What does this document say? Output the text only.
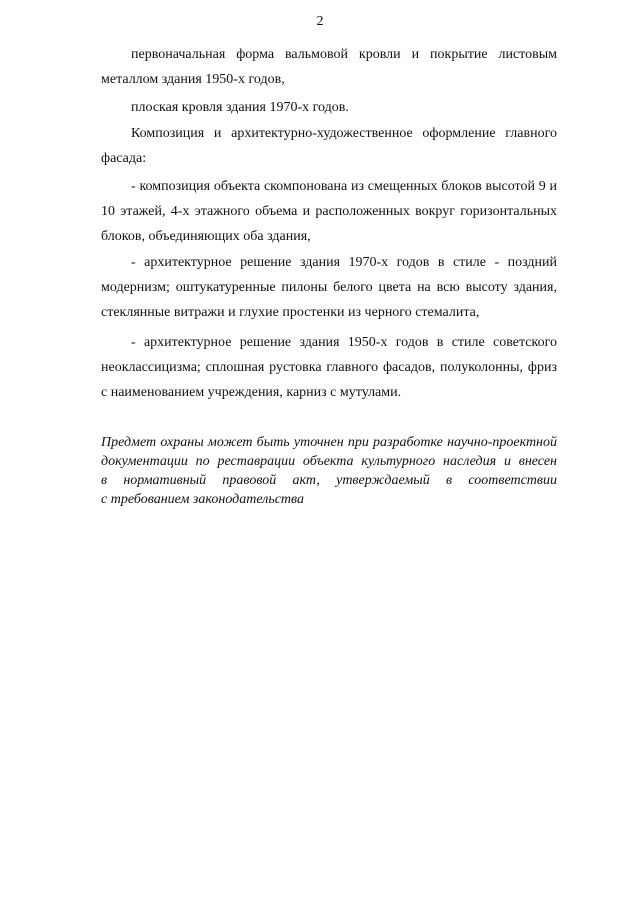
2

первоначальная форма вальмовой кровли и покрытие листовым

металлом здания 1950-х годов,

плоская кровля здания 1970-х годов.

Композиция и архитектурно-художественное оформление главного

фасада:

- композиция объекта скомпонована из смещенных блоков высотой 9 и

10 этажей, 4-х этажного объема и расположенных вокруг горизонтальных

блоков, объединяющих оба здания,

- архитектурное решение здания 1970-х годов в стиле - поздний

модернизм; оштукатуренные пилоны белого цвета на всю высоту здания,

стеклянные витражи и глухие простенки из черного стемалита,

- архитектурное решение здания 1950-х годов в стиле советского

неоклассицизма; сплошная рустовка главного фасадов, полуколонны, фриз

с наименованием учреждения, карниз с мутулами.

Предмет охраны может быть уточнен при разработке научно-проектной
документации по реставрации объекта культурного наследия и внесен
в нормативный правовой акт, утверждаемый в соответствии
с требованием законодательства
